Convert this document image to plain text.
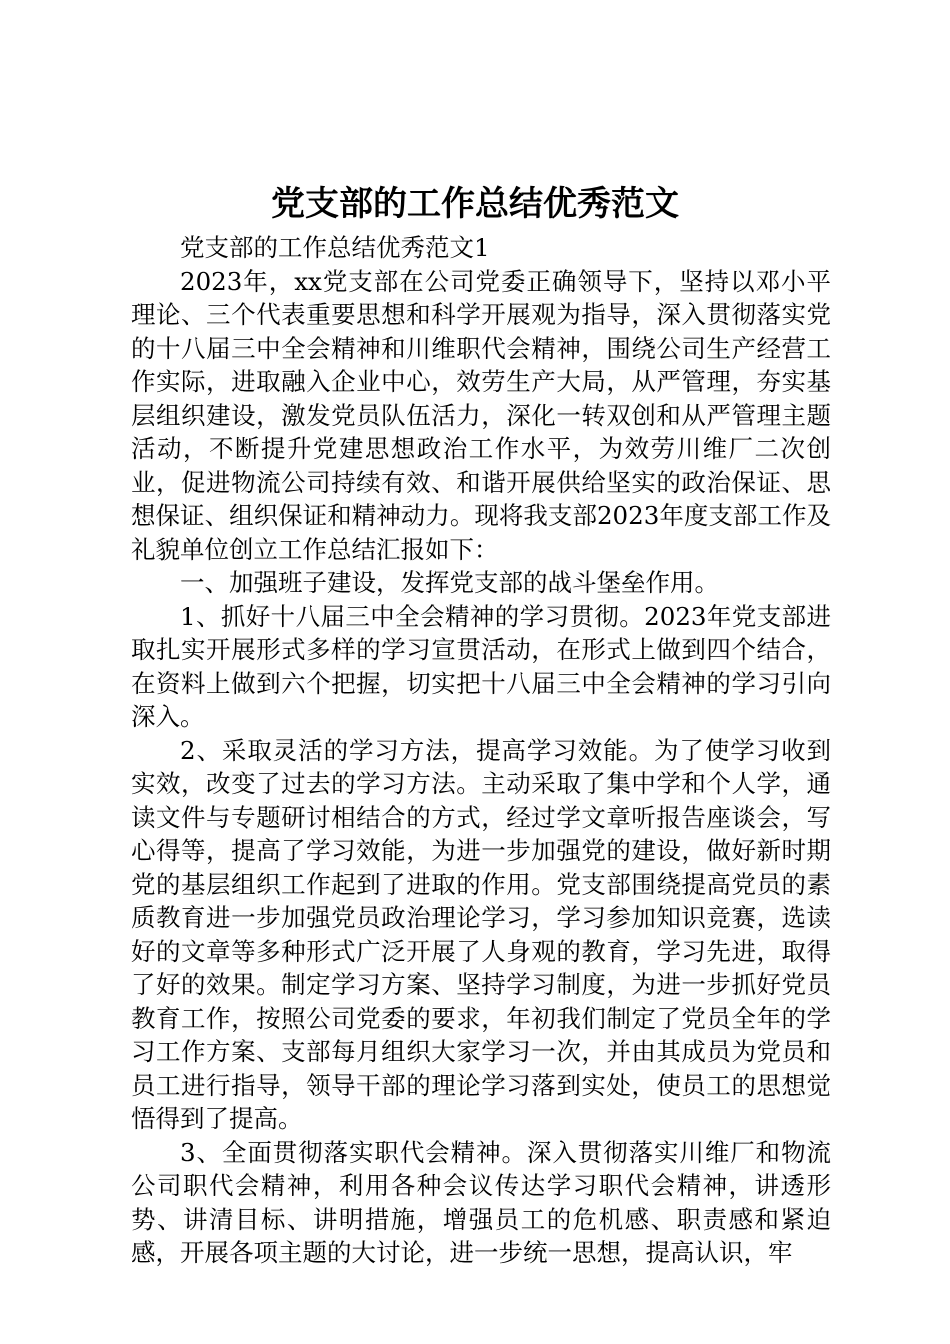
党支部的工作总结优秀范文

党支部的工作总结优秀范文1

2023年，xx党支部在公司党委正确领导下，坚持以邓小平理论、三个代表重要思想和科学开展观为指导，深入贯彻落实党的十八届三中全会精神和川维职代会精神，围绕公司生产经营工作实际，进取融入企业中心，效劳生产大局，从严管理，夯实基层组织建设，激发党员队伍活力，深化一转双创和从严管理主题活动，不断提升党建思想政治工作水平，为效劳川维厂二次创业，促进物流公司持续有效、和谐开展供给坚实的政治保证、思想保证、组织保证和精神动力。现将我支部2023年度支部工作及礼貌单位创立工作总结汇报如下：

一、加强班子建设，发挥党支部的战斗堡垒作用。

1、抓好十八届三中全会精神的学习贯彻。2023年党支部进取扎实开展形式多样的学习宣贯活动，在形式上做到四个结合，在资料上做到六个把握，切实把十八届三中全会精神的学习引向深入。

2、采取灵活的学习方法，提高学习效能。为了使学习收到实效，改变了过去的学习方法。主动采取了集中学和个人学，通读文件与专题研讨相结合的方式，经过学文章听报告座谈会，写心得等，提高了学习效能，为进一步加强党的建设，做好新时期党的基层组织工作起到了进取的作用。党支部围绕提高党员的素质教育进一步加强党员政治理论学习，学习参加知识竞赛，选读好的文章等多种形式广泛开展了人身观的教育，学习先进，取得了好的效果。制定学习方案、坚持学习制度，为进一步抓好党员教育工作，按照公司党委的要求，年初我们制定了党员全年的学习工作方案、支部每月组织大家学习一次，并由其成员为党员和员工进行指导，领导干部的理论学习落到实处，使员工的思想觉悟得到了提高。

3、全面贯彻落实职代会精神。深入贯彻落实川维厂和物流公司职代会精神，利用各种会议传达学习职代会精神，讲透形势、讲清目标、讲明措施，增强员工的危机感、职责感和紧迫感，开展各项主题的大讨论，进一步统一思想，提高认识，牢
